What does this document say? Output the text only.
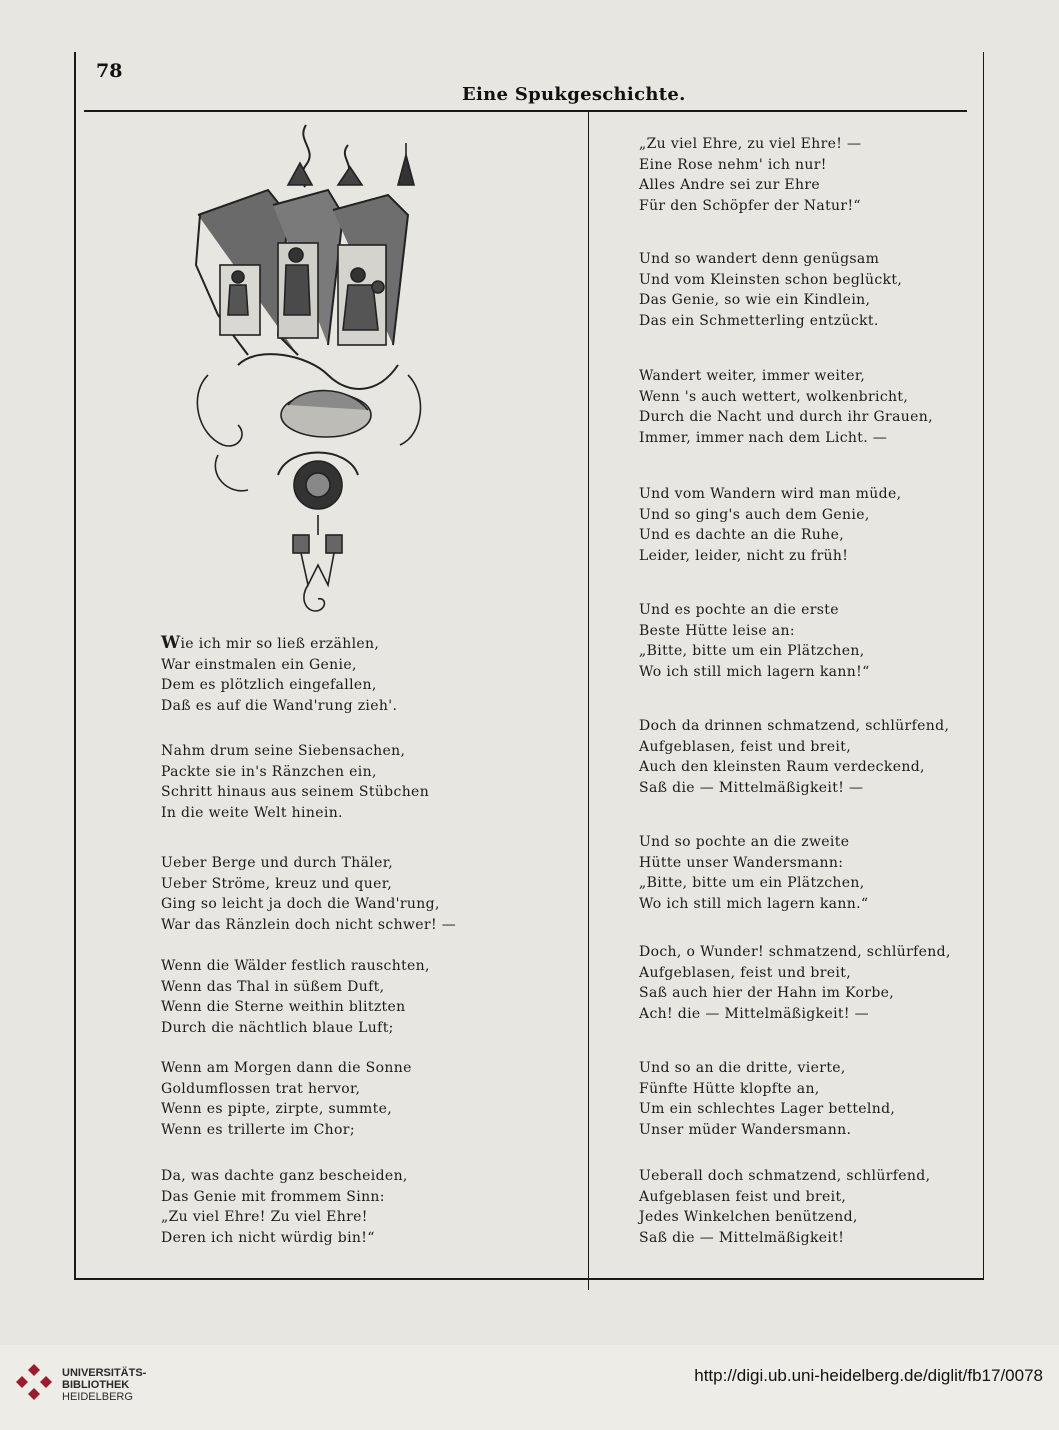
78
Eine Spukgeschichte.
Wie ich mir so ließ erzählen,
War einstmalen ein Genie,
Dem es plötzlich eingefallen,
Daß es auf die Wand'rung zieh'.
Nahm drum seine Siebensachen,
Packte sie in's Ränzchen ein,
Schritt hinaus aus seinem Stübchen
In die weite Welt hinein.
Ueber Berge und durch Thäler,
Ueber Ströme, kreuz und quer,
Ging so leicht ja doch die Wand'rung,
War das Ränzlein doch nicht schwer! —
Wenn die Wälder festlich rauschten,
Wenn das Thal in süßem Duft,
Wenn die Sterne weithin blitzten
Durch die nächtlich blaue Luft;
Wenn am Morgen dann die Sonne
Goldumflossen trat hervor,
Wenn es pipte, zirpte, summte,
Wenn es trillerte im Chor;
Da, was dachte ganz bescheiden,
Das Genie mit frommem Sinn:
„Zu viel Ehre! Zu viel Ehre!
Deren ich nicht würdig bin!“
„Zu viel Ehre, zu viel Ehre! —
Eine Rose nehm' ich nur!
Alles Andre sei zur Ehre
Für den Schöpfer der Natur!“
Und so wandert denn genügsam
Und vom Kleinsten schon beglückt,
Das Genie, so wie ein Kindlein,
Das ein Schmetterling entzückt.
Wandert weiter, immer weiter,
Wenn 's auch wettert, wolkenbricht,
Durch die Nacht und durch ihr Grauen,
Immer, immer nach dem Licht. —
Und vom Wandern wird man müde,
Und so ging's auch dem Genie,
Und es dachte an die Ruhe,
Leider, leider, nicht zu früh!
Und es pochte an die erste
Beste Hütte leise an:
„Bitte, bitte um ein Plätzchen,
Wo ich still mich lagern kann!“
Doch da drinnen schmatzend, schlürfend,
Aufgeblasen, feist und breit,
Auch den kleinsten Raum verdeckend,
Saß die — Mittelmäßigkeit! —
Und so pochte an die zweite
Hütte unser Wandersmann:
„Bitte, bitte um ein Plätzchen,
Wo ich still mich lagern kann.“
Doch, o Wunder! schmatzend, schlürfend,
Aufgeblasen, feist und breit,
Saß auch hier der Hahn im Korbe,
Ach! die — Mittelmäßigkeit! —
Und so an die dritte, vierte,
Fünfte Hütte klopfte an,
Um ein schlechtes Lager bettelnd,
Unser müder Wandersmann.
Ueberall doch schmatzend, schlürfend,
Aufgeblasen feist und breit,
Jedes Winkelchen benützend,
Saß die — Mittelmäßigkeit!
UNIVERSITÄTS-
BIBLIOTHEK
HEIDELBERG
http://digi.ub.uni-heidelberg.de/diglit/fb17/0078
